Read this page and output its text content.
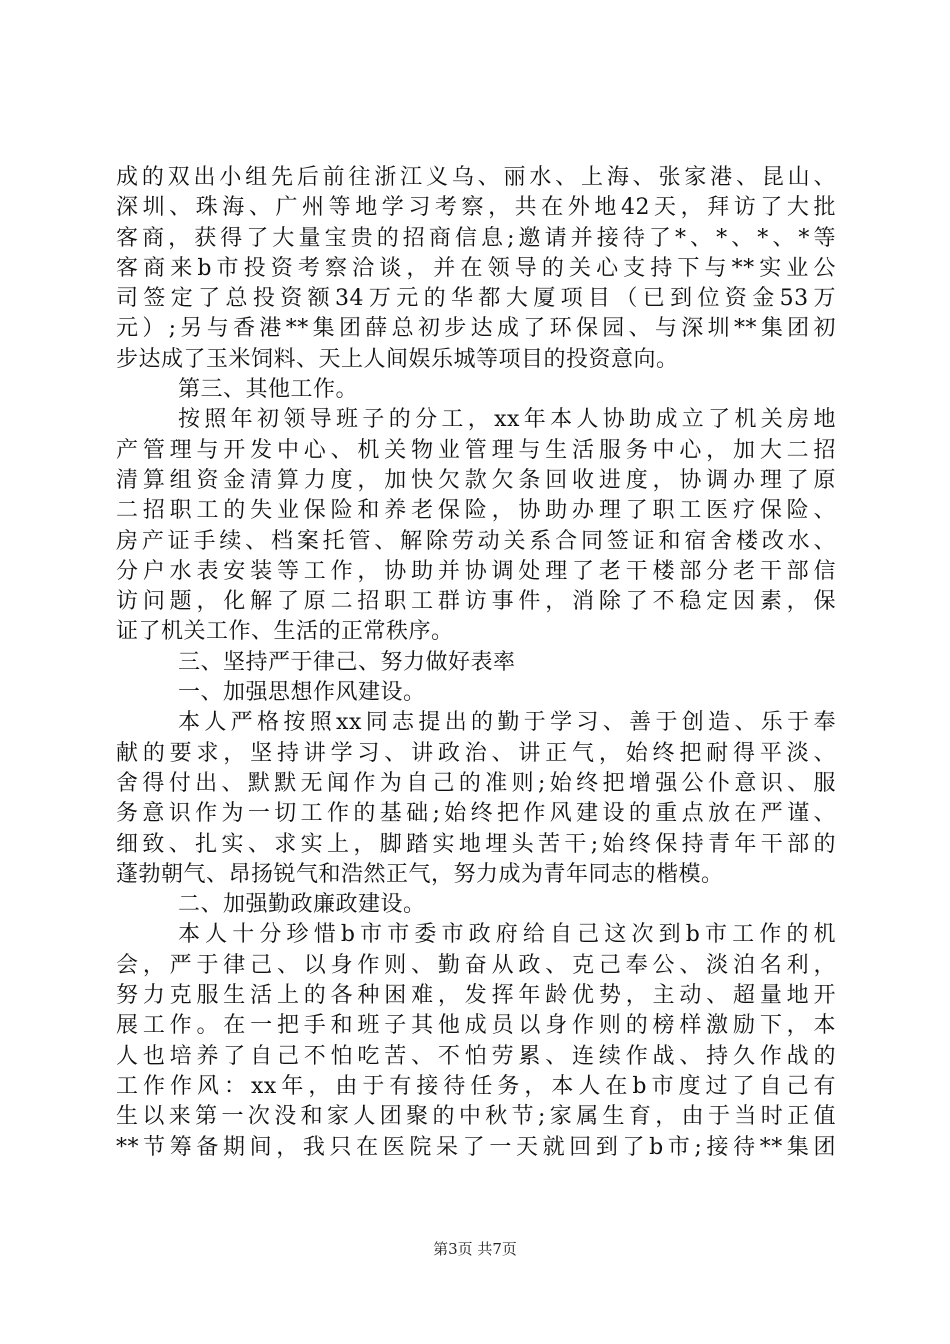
成的双出小组先后前往浙江义乌、丽水、上海、张家港、昆山、
深圳、珠海、广州等地学习考察，共在外地42天，拜访了大批
客商，获得了大量宝贵的招商信息;邀请并接待了*、*、*、*等
客商来b市投资考察洽谈，并在领导的关心支持下与**实业公
司签定了总投资额34万元的华都大厦项目（已到位资金53万
元）;另与香港**集团薛总初步达成了环保园、与深圳**集团初
步达成了玉米饲料、天上人间娱乐城等项目的投资意向。
第三、其他工作。
按照年初领导班子的分工，xx年本人协助成立了机关房地
产管理与开发中心、机关物业管理与生活服务中心，加大二招
清算组资金清算力度，加快欠款欠条回收进度，协调办理了原
二招职工的失业保险和养老保险，协助办理了职工医疗保险、
房产证手续、档案托管、解除劳动关系合同签证和宿舍楼改水、
分户水表安装等工作，协助并协调处理了老干楼部分老干部信
访问题，化解了原二招职工群访事件，消除了不稳定因素，保
证了机关工作、生活的正常秩序。
三、坚持严于律己、努力做好表率
一、加强思想作风建设。
本人严格按照xx同志提出的勤于学习、善于创造、乐于奉
献的要求，坚持讲学习、讲政治、讲正气，始终把耐得平淡、
舍得付出、默默无闻作为自己的准则;始终把增强公仆意识、服
务意识作为一切工作的基础;始终把作风建设的重点放在严谨、
细致、扎实、求实上，脚踏实地埋头苦干;始终保持青年干部的
蓬勃朝气、昂扬锐气和浩然正气，努力成为青年同志的楷模。
二、加强勤政廉政建设。
本人十分珍惜b市市委市政府给自己这次到b市工作的机
会，严于律己、以身作则、勤奋从政、克己奉公、淡泊名利，
努力克服生活上的各种困难，发挥年龄优势，主动、超量地开
展工作。在一把手和班子其他成员以身作则的榜样激励下，本
人也培养了自己不怕吃苦、不怕劳累、连续作战、持久作战的
工作作风：xx年，由于有接待任务，本人在b市度过了自己有
生以来第一次没和家人团聚的中秋节;家属生育，由于当时正值
**节筹备期间，我只在医院呆了一天就回到了b市;接待**集团
第3页 共7页
